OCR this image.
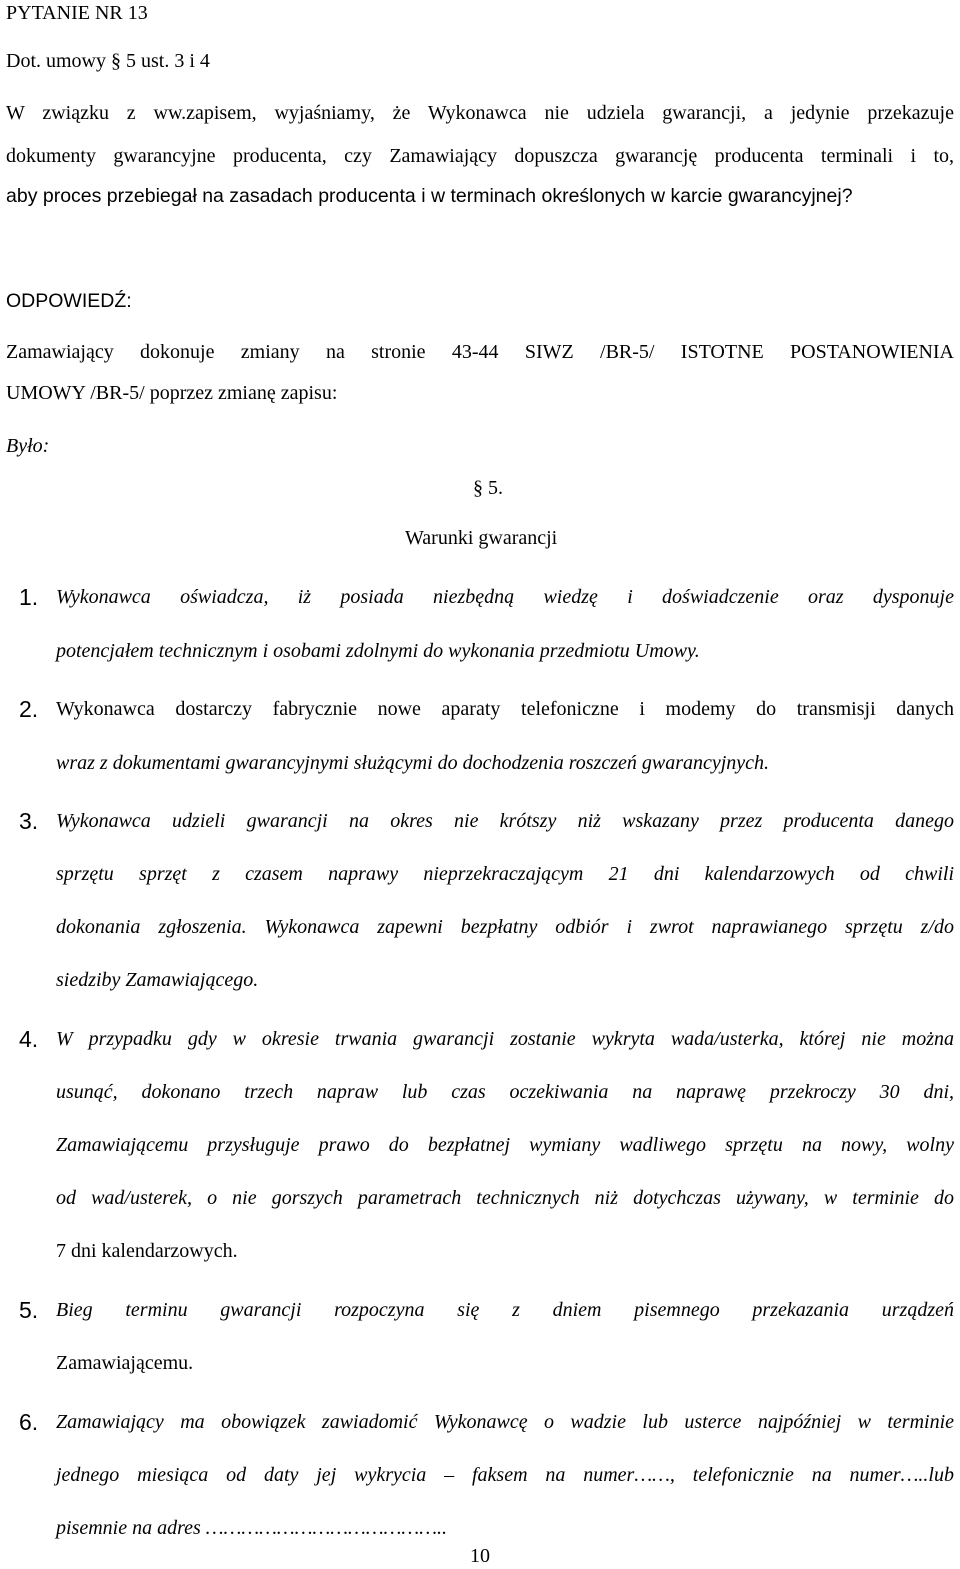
PYTANIE NR 13
Dot. umowy § 5 ust. 3 i 4
W związku z ww.zapisem, wyjaśniamy, że Wykonawca nie udziela gwarancji, a jedynie przekazuje
dokumenty gwarancyjne producenta, czy Zamawiający dopuszcza gwarancję producenta terminali i to,
aby proces przebiegał na zasadach producenta i w terminach określonych w karcie gwarancyjnej?
ODPOWIEDŹ:
Zamawiający dokonuje zmiany na stronie 43-44 SIWZ /BR-5/ ISTOTNE POSTANOWIENIA
UMOWY /BR-5/ poprzez zmianę zapisu:
Było:
§ 5.
Warunki gwarancji
1. Wykonawca oświadcza, iż posiada niezbędną wiedzę i doświadczenie oraz dysponuje
potencjałem technicznym i osobami zdolnymi do wykonania przedmiotu Umowy.
2. Wykonawca dostarczy fabrycznie nowe aparaty telefoniczne i modemy do transmisji danych
wraz z dokumentami gwarancyjnymi służącymi do dochodzenia roszczeń gwarancyjnych.
3. Wykonawca udzieli gwarancji na okres nie krótszy niż wskazany przez producenta danego
sprzętu sprzęt z czasem naprawy nieprzekraczającym 21 dni kalendarzowych od chwili
dokonania zgłoszenia. Wykonawca zapewni bezpłatny odbiór i zwrot naprawianego sprzętu z/do
siedziby Zamawiającego.
4. W przypadku gdy w okresie trwania gwarancji zostanie wykryta wada/usterka, której nie można
usunąć, dokonano trzech napraw lub czas oczekiwania na naprawę przekroczy 30 dni,
Zamawiającemu przysługuje prawo do bezpłatnej wymiany wadliwego sprzętu na nowy, wolny
od wad/usterek, o nie gorszych parametrach technicznych niż dotychczas używany, w terminie do
7 dni kalendarzowych.
5. Bieg terminu gwarancji rozpoczyna się z dniem pisemnego przekazania urządzeń
Zamawiającemu.
6. Zamawiający ma obowiązek zawiadomić Wykonawcę o wadzie lub usterce najpóźniej w terminie
jednego miesiąca od daty jej wykrycia – faksem na numer……, telefonicznie na numer…..lub
pisemnie na adres …………………………………..
10
